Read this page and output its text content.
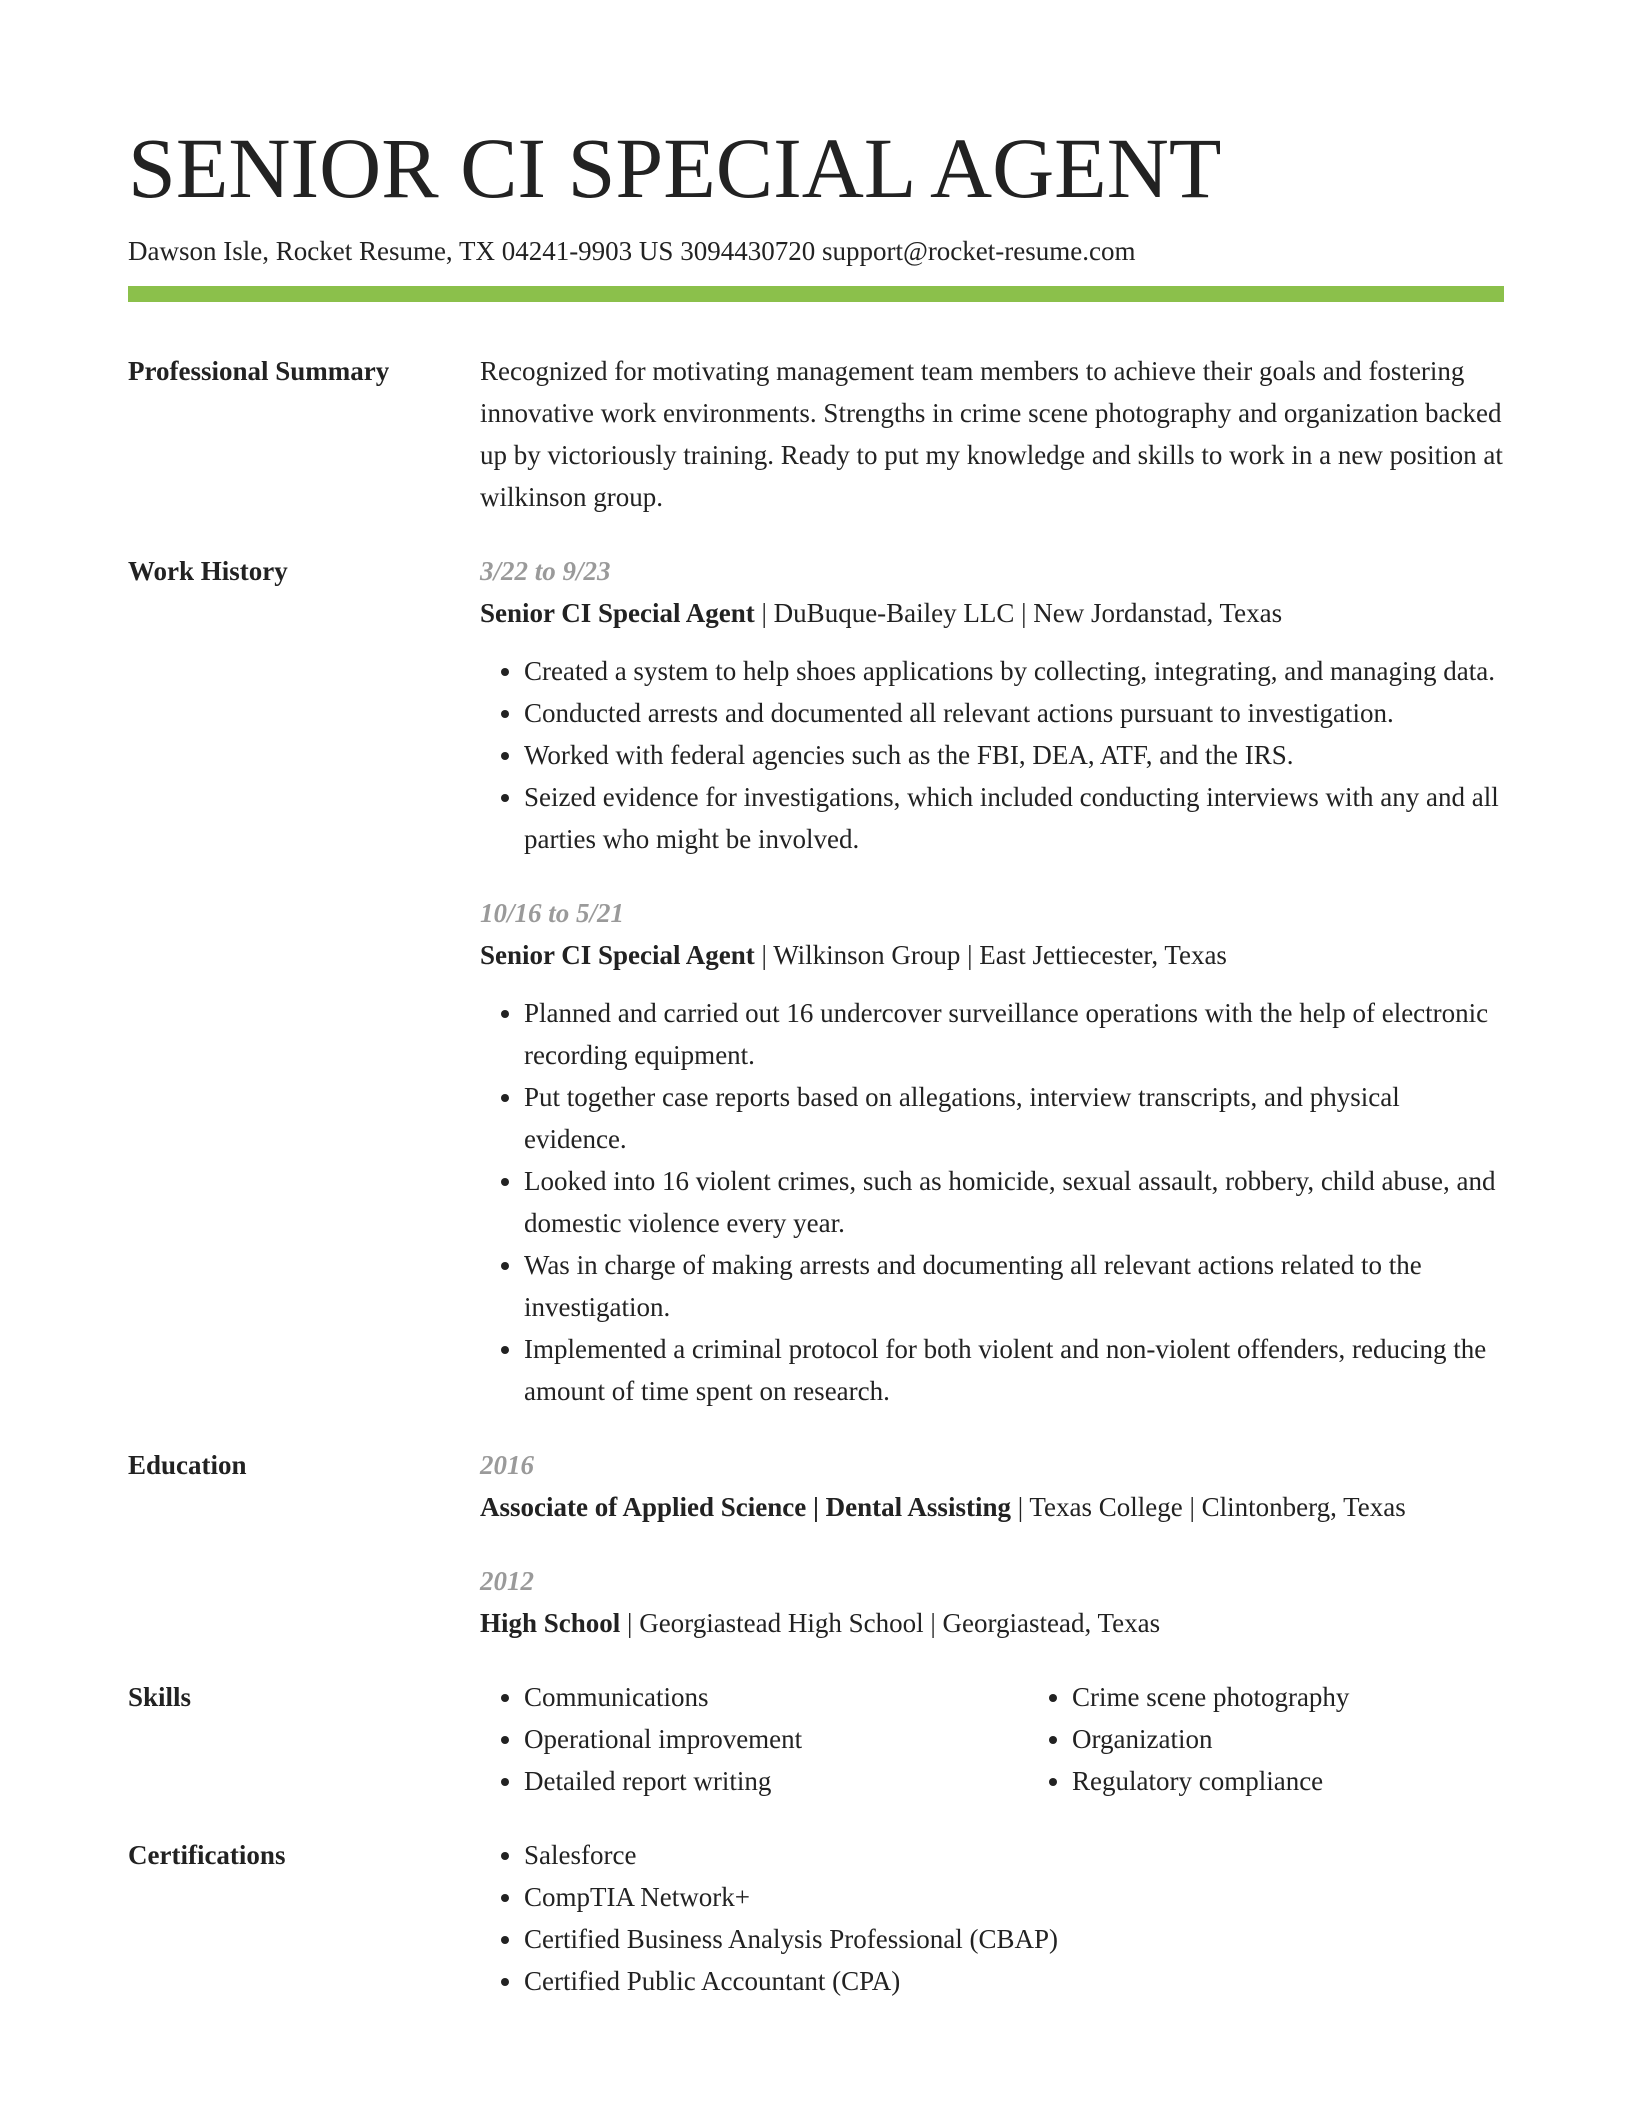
SENIOR CI SPECIAL AGENT
Dawson Isle, Rocket Resume, TX 04241-9903 US 3094430720 support@rocket-resume.com
Professional Summary	Recognized for motivating management team members to achieve their goals and fostering innovative work environments. Strengths in crime scene photography and organization backed up by victoriously training. Ready to put my knowledge and skills to work in a new position at wilkinson group.

Work History	3/22 to 9/23
Senior CI Special Agent | DuBuque-Bailey LLC | New Jordanstad, Texas
• Created a system to help shoes applications by collecting, integrating, and managing data.
• Conducted arrests and documented all relevant actions pursuant to investigation.
• Worked with federal agencies such as the FBI, DEA, ATF, and the IRS.
• Seized evidence for investigations, which included conducting interviews with any and all parties who might be involved.
10/16 to 5/21
Senior CI Special Agent | Wilkinson Group | East Jettiecester, Texas
• Planned and carried out 16 undercover surveillance operations with the help of electronic recording equipment.
• Put together case reports based on allegations, interview transcripts, and physical evidence.
• Looked into 16 violent crimes, such as homicide, sexual assault, robbery, child abuse, and domestic violence every year.
• Was in charge of making arrests and documenting all relevant actions related to the investigation.
• Implemented a criminal protocol for both violent and non-violent offenders, reducing the amount of time spent on research.
Education	2016
Associate of Applied Science | Dental Assisting | Texas College | Clintonberg, Texas
2012
High School | Georgiastead High School | Georgiastead, Texas
Skills	• Communications
• Operational improvement
• Detailed report writing
• Crime scene photography
• Organization
• Regulatory compliance
Certifications	• Salesforce
• CompTIA Network+
• Certified Business Analysis Professional (CBAP)
• Certified Public Accountant (CPA)
